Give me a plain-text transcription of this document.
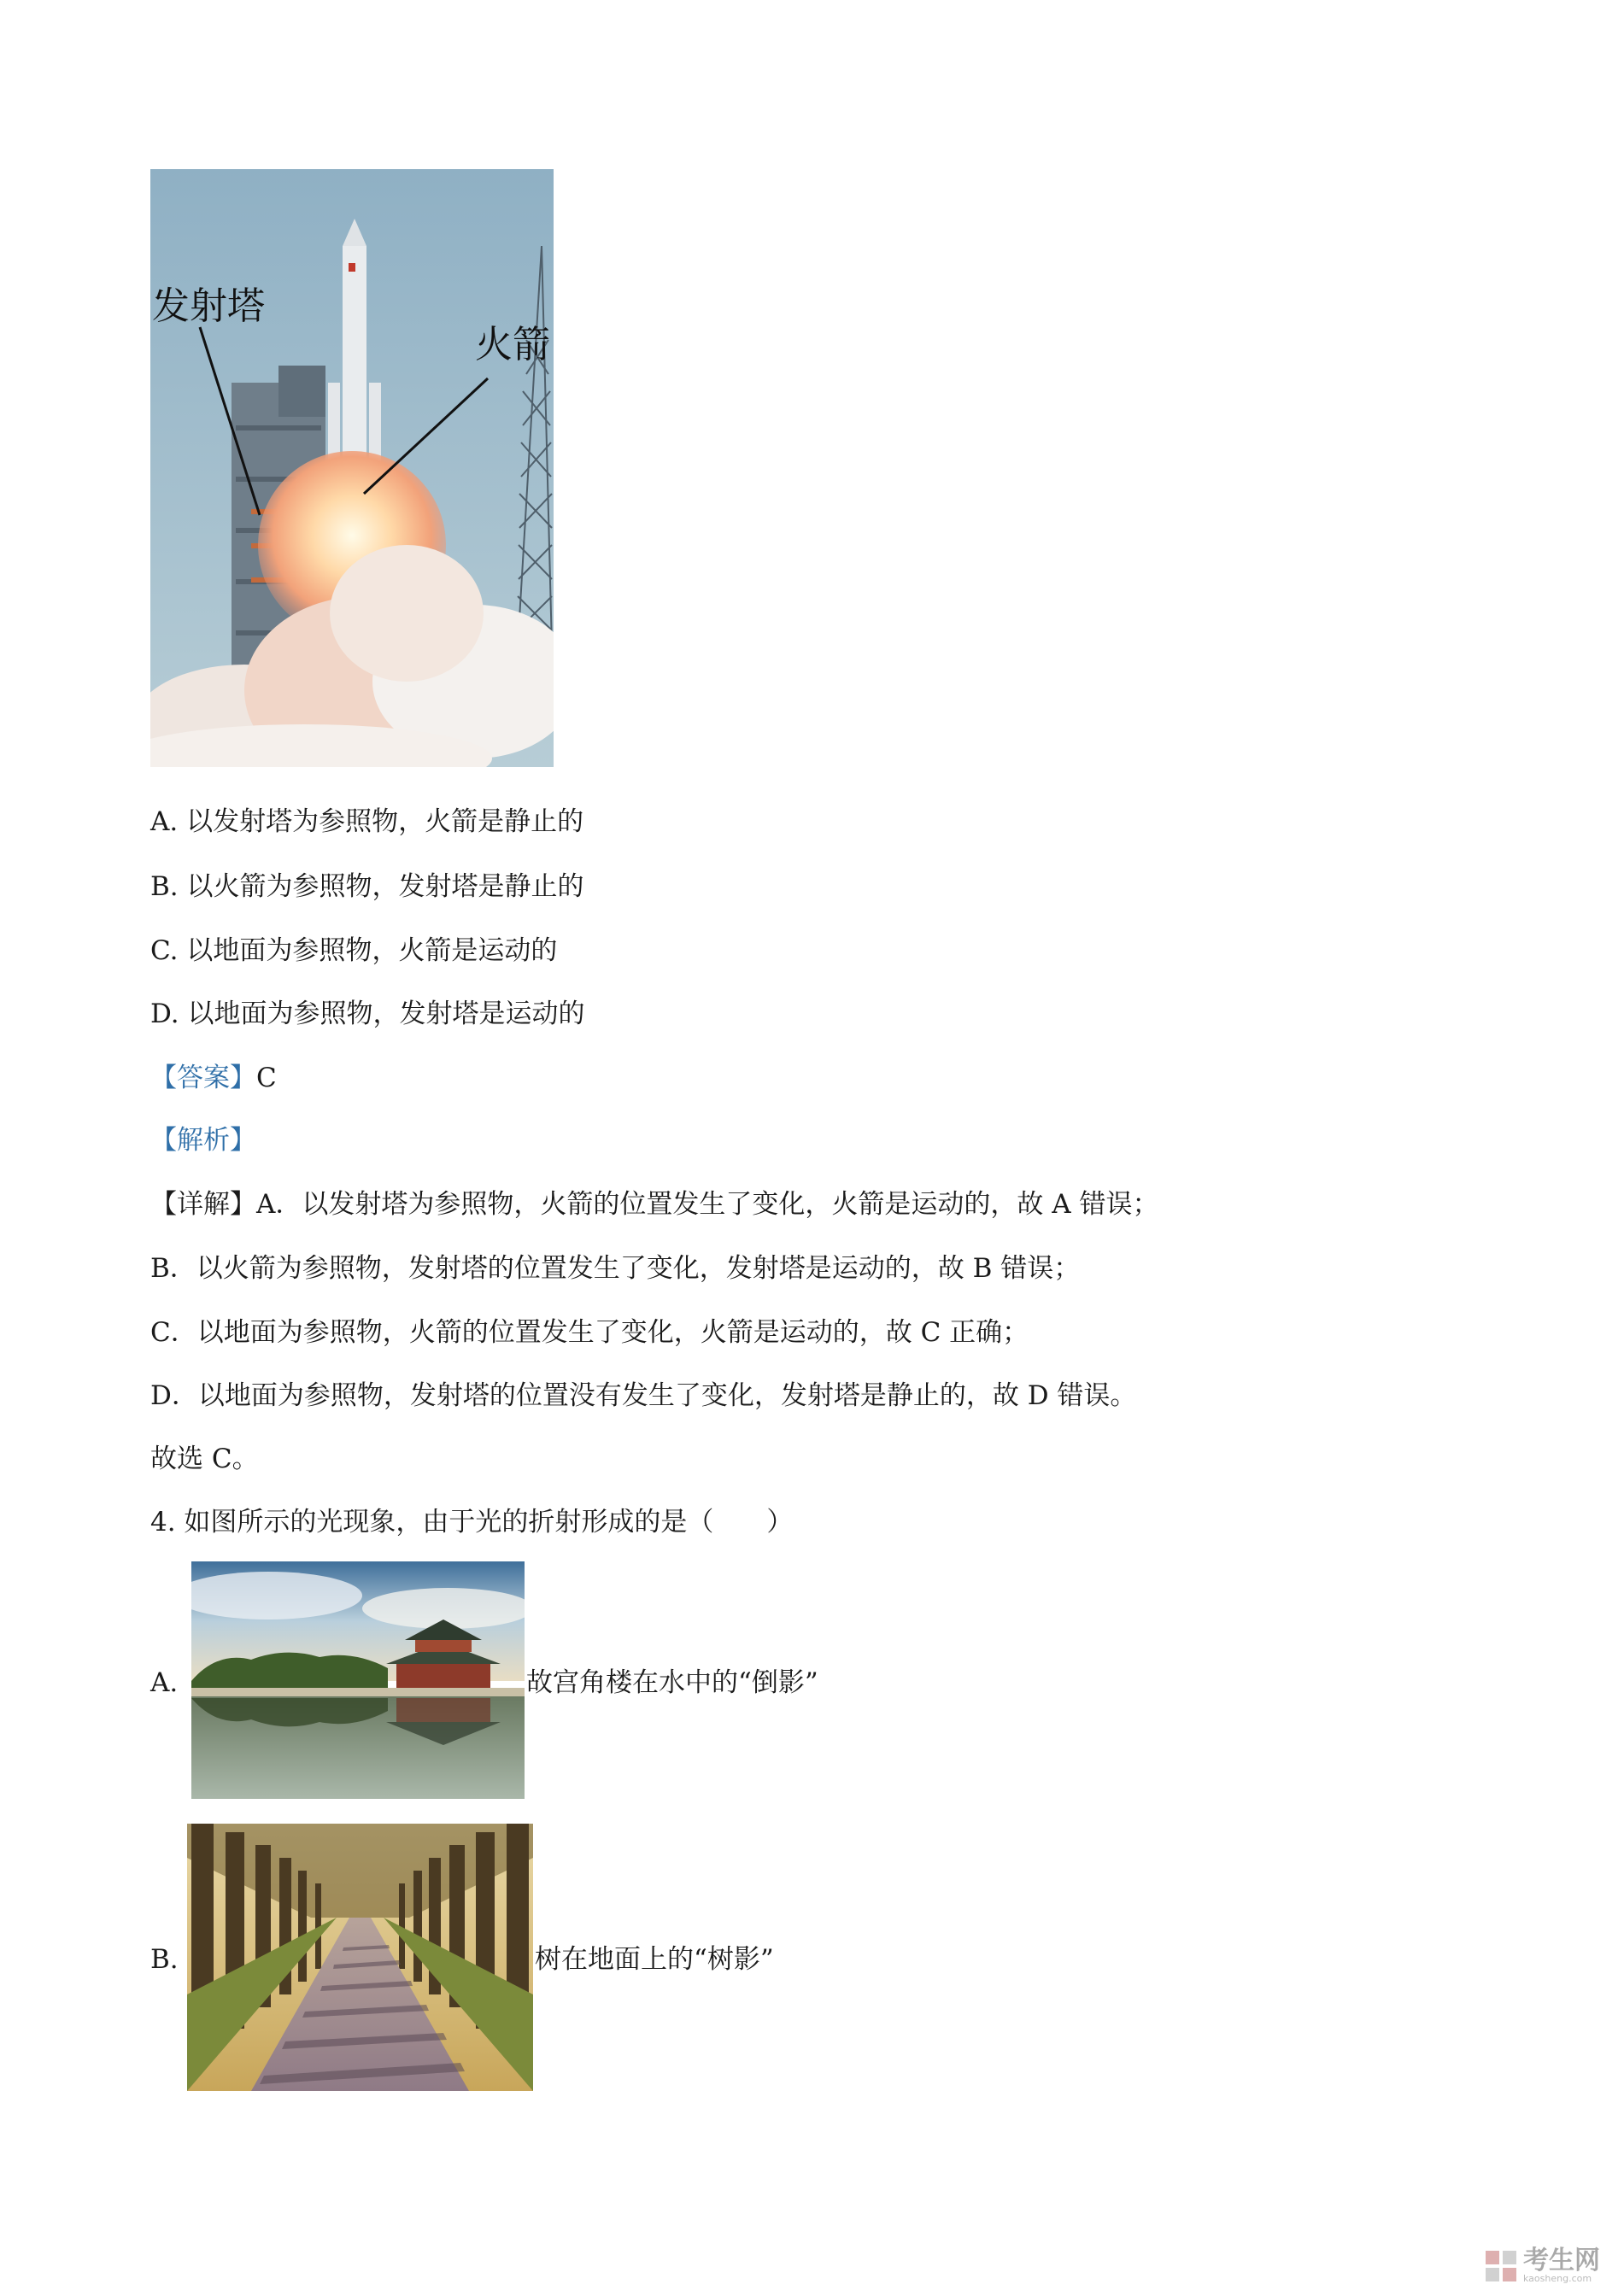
发射塔
火箭
A. 以发射塔为参照物，火箭是静止的
B. 以火箭为参照物，发射塔是静止的
C. 以地面为参照物，火箭是运动的
D. 以地面为参照物，发射塔是运动的
【答案】C
【解析】
【详解】A．以发射塔为参照物，火箭的位置发生了变化，火箭是运动的，故 A 错误；
B．以火箭为参照物，发射塔的位置发生了变化，发射塔是运动的，故 B 错误；
C．以地面为参照物，火箭的位置发生了变化，火箭是运动的，故 C 正确；
D．以地面为参照物，发射塔的位置没有发生了变化，发射塔是静止的，故 D 错误。
故选 C。
4. 如图所示的光现象，由于光的折射形成的是（　　）
A.	故宫角楼在水中的“倒影”
B.	树在地面上的“树影”
考生网
kaosheng.com
